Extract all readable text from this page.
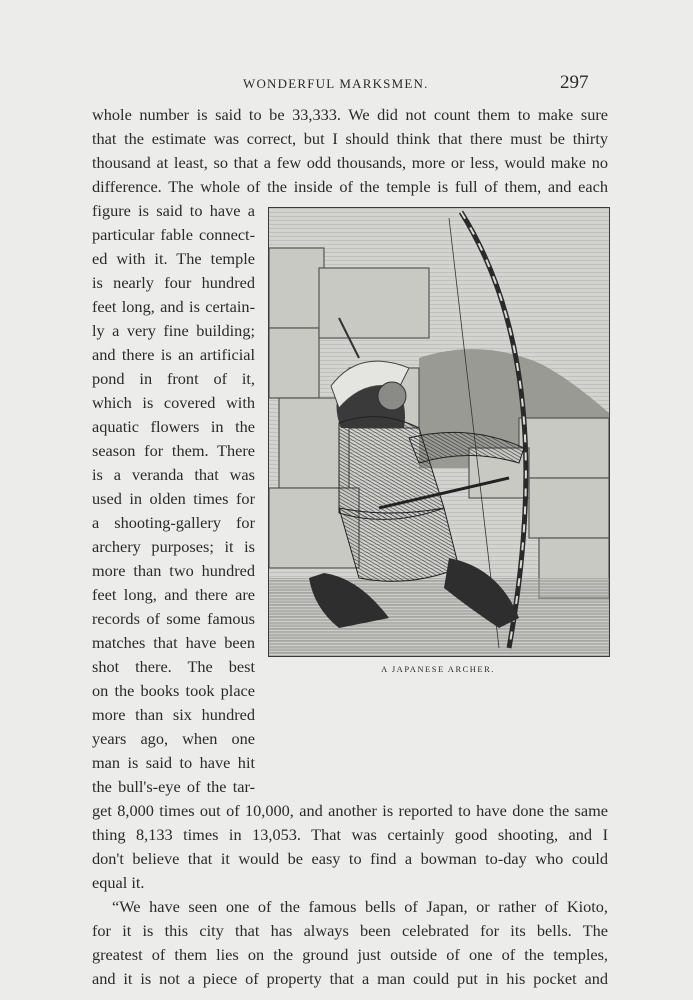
WONDERFUL MARKSMEN.	297
whole number is said to be 33,333. We did not count them to make sure
that the estimate was correct, but I should think that there must be thirty
thousand at least, so that a few odd thousands, more or less, would make no
difference. The whole of the inside of the temple is full of them, and each
figure is said to have a
particular fable connect-
ed with it. The temple
is nearly four hundred
feet long, and is certain-
ly a very fine building;
and there is an artificial
pond in front of it,
which is covered with
aquatic flowers in the
season for them. There
is a veranda that was
used in olden times for
a shooting-gallery for
archery purposes; it is
more than two hundred
feet long, and there are
records of some famous
matches that have been
shot there. The best
on the books took place
more than six hundred
years ago, when one
man is said to have hit
the bull's-eye of the tar-
get 8,000 times out of 10,000, and another is reported to have done the same
thing 8,133 times in 13,053. That was certainly good shooting, and I
don't believe that it would be easy to find a bowman to-day who could
equal it.
“We have seen one of the famous bells of Japan, or rather of Kioto,
for it is this city that has always been celebrated for its bells. The
greatest of them lies on the ground just outside of one of the temples,
and it is not a piece of property that a man could put in his pocket and
A JAPANESE ARCHER.
